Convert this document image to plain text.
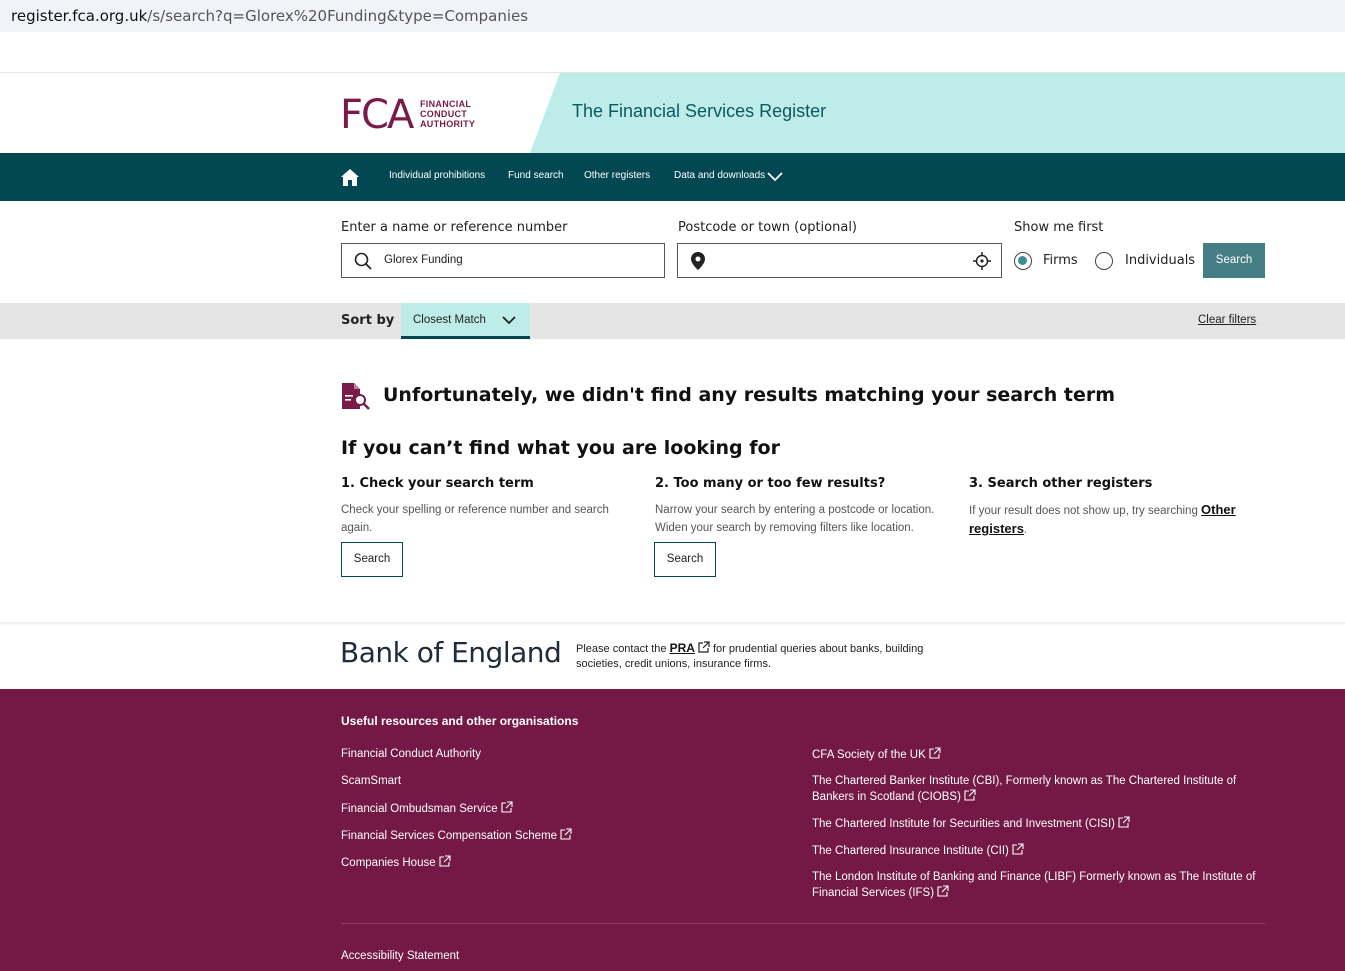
register.fca.org.uk/s/search?q=Glorex%20Funding&type=Companies
The Financial Services Register
FCA FINANCIAL
CONDUCT
AUTHORITY
Individual prohibitions Fund search Other registers Data and downloads
Enter a name or reference number
Glorex Funding
Postcode or town (optional)	Show me first
Firms	Individuals	Search
Sort by Closest Match	Clear filters
Unfortunately, we didn't find any results matching your search term
If you can’t find what you are looking for
1. Check your search term
Check your spelling or reference number and search again.
Search
2. Too many or too few results?
Narrow your search by entering a postcode or location. Widen your search by removing filters like location.
Search
3. Search other registers
If your result does not show up, try searching Other registers.
Bank of England Please contact the PRA for prudential queries about banks, building societies, credit unions, insurance firms.
Useful resources and other organisations
Financial Conduct Authority
ScamSmart
Financial Ombudsman Service
Financial Services Compensation Scheme
Companies House
CFA Society of the UK
The Chartered Banker Institute (CBI), Formerly known as The Chartered Institute of Bankers in Scotland (CIOBS)
The Chartered Institute for Securities and Investment (CISI)
The Chartered Insurance Institute (CII)
The London Institute of Banking and Finance (LIBF) Formerly known as The Institute of Financial Services (IFS)
Accessibility Statement
